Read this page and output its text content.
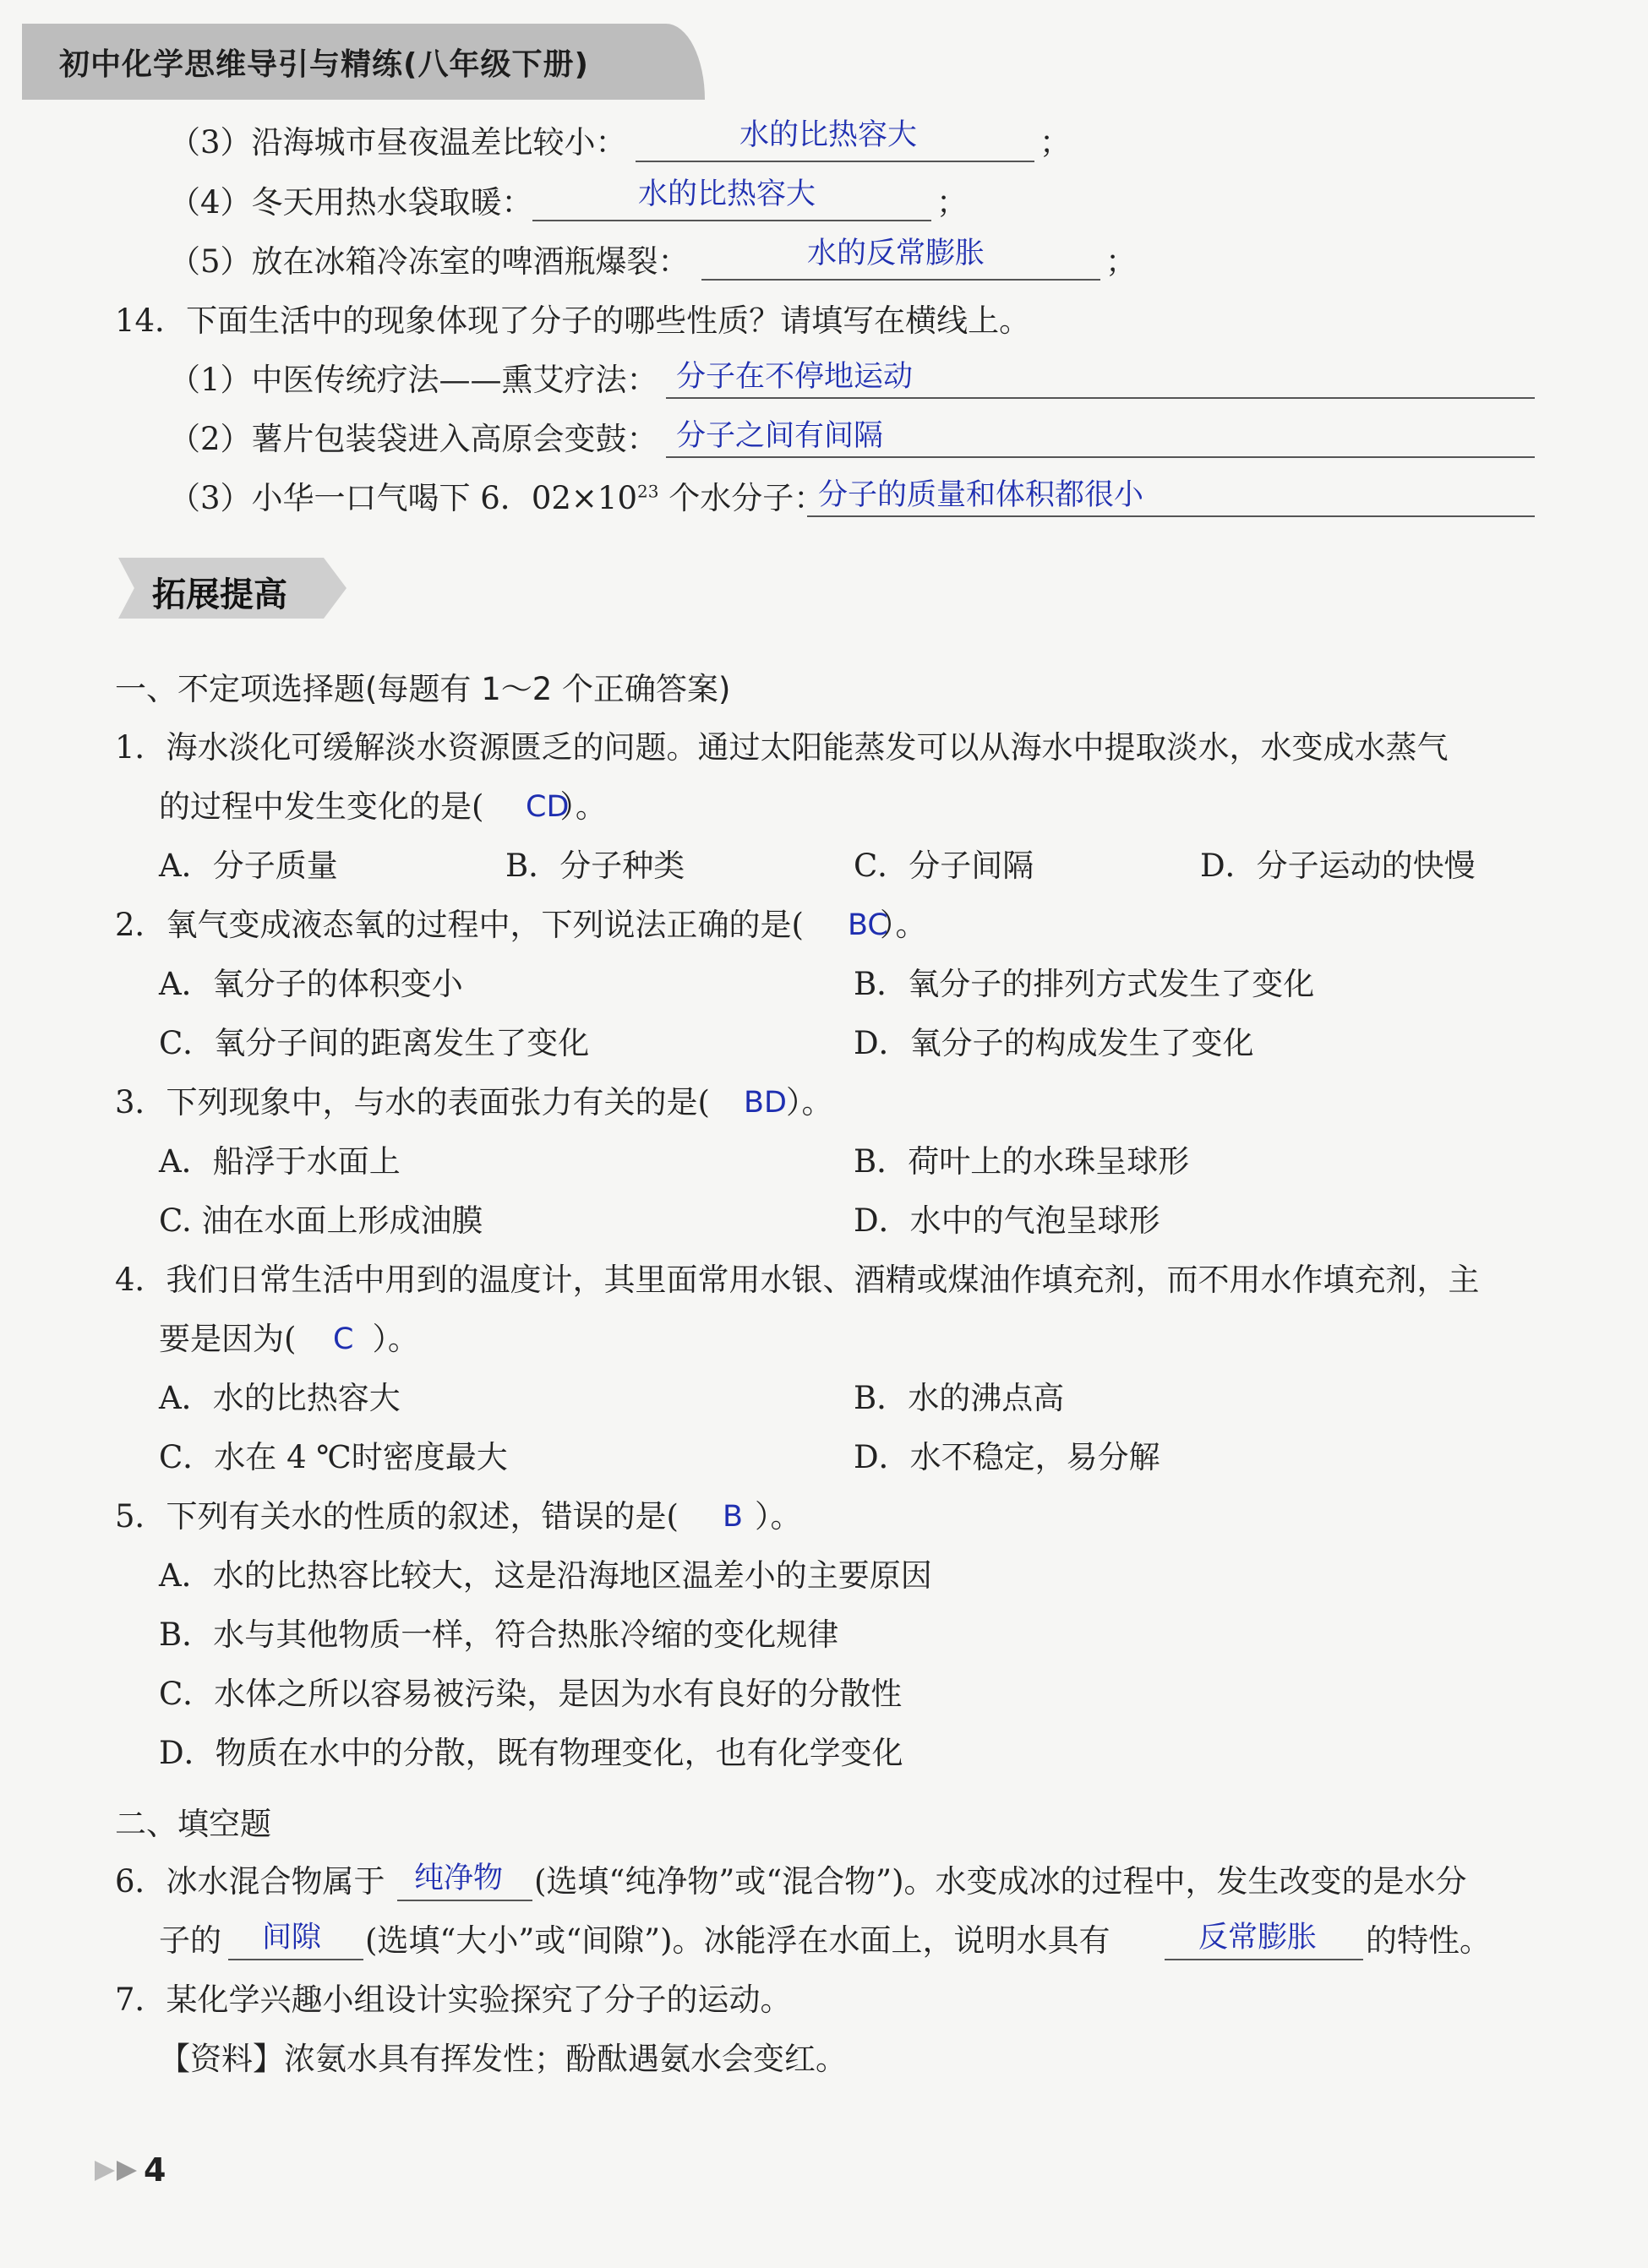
初中化学思维导引与精练(八年级下册)
（3）沿海城市昼夜温差比较小：	水的比热容大	；
（4）冬天用热水袋取暖：	水的比热容大	；
（5）放在冰箱冷冻室的啤酒瓶爆裂：	水的反常膨胀	；
14．下面生活中的现象体现了分子的哪些性质？请填写在横线上。
（1）中医传统疗法——熏艾疗法： 分子在不停地运动
（2）薯片包装袋进入高原会变鼓： 分子之间有间隔
（3）小华一口气喝下 6．$02\times 10^{23}$ 个水分子：
分子的质量和体积都很小
拓展提高
一、不定项选择题(每题有 1～2 个正确答案)
1．海水淡化可缓解淡水资源匮乏的问题。通过太阳能蒸发可以从海水中提取淡水，水变成水蒸气
的过程中发生变化的是( ）。
CD
A．分子质量	B．分子种类	C．分子间隔	D．分子运动的快慢
2．氧气变成液态氧的过程中，下列说法正确的是( ）。
BC
A．氧分子的体积变小	B．氧分子的排列方式发生了变化
C．氧分子间的距离发生了变化	D．氧分子的构成发生了变化
3．下列现象中，与水的表面张力有关的是( ）。
BD
A．船浮于水面上	B．荷叶上的水珠呈球形
C. 油在水面上形成油膜	D．水中的气泡呈球形
4．我们日常生活中用到的温度计，其里面常用水银、酒精或煤油作填充剂，而不用水作填充剂，主
要是因为( ）。
C
A．水的比热容大	B．水的沸点高
C．水在 4 ℃时密度最大	D．水不稳定，易分解
5．下列有关水的性质的叙述，错误的是( ）。
B
A．水的比热容比较大，这是沿海地区温差小的主要原因
B．水与其他物质一样，符合热胀冷缩的变化规律
C．水体之所以容易被污染，是因为水有良好的分散性
D．物质在水中的分散，既有物理变化，也有化学变化
二、填空题
6．冰水混合物属于 纯净物 (选填“纯净物”或“混合物”)。水变成冰的过程中，发生改变的是水分
子的 间隙 (选填“大小”或“间隙”)。冰能浮在水面上，说明水具有	反常膨胀 的特性。
7．某化学兴趣小组设计实验探究了分子的运动。
【资料】浓氨水具有挥发性；酚酞遇氨水会变红。
4
